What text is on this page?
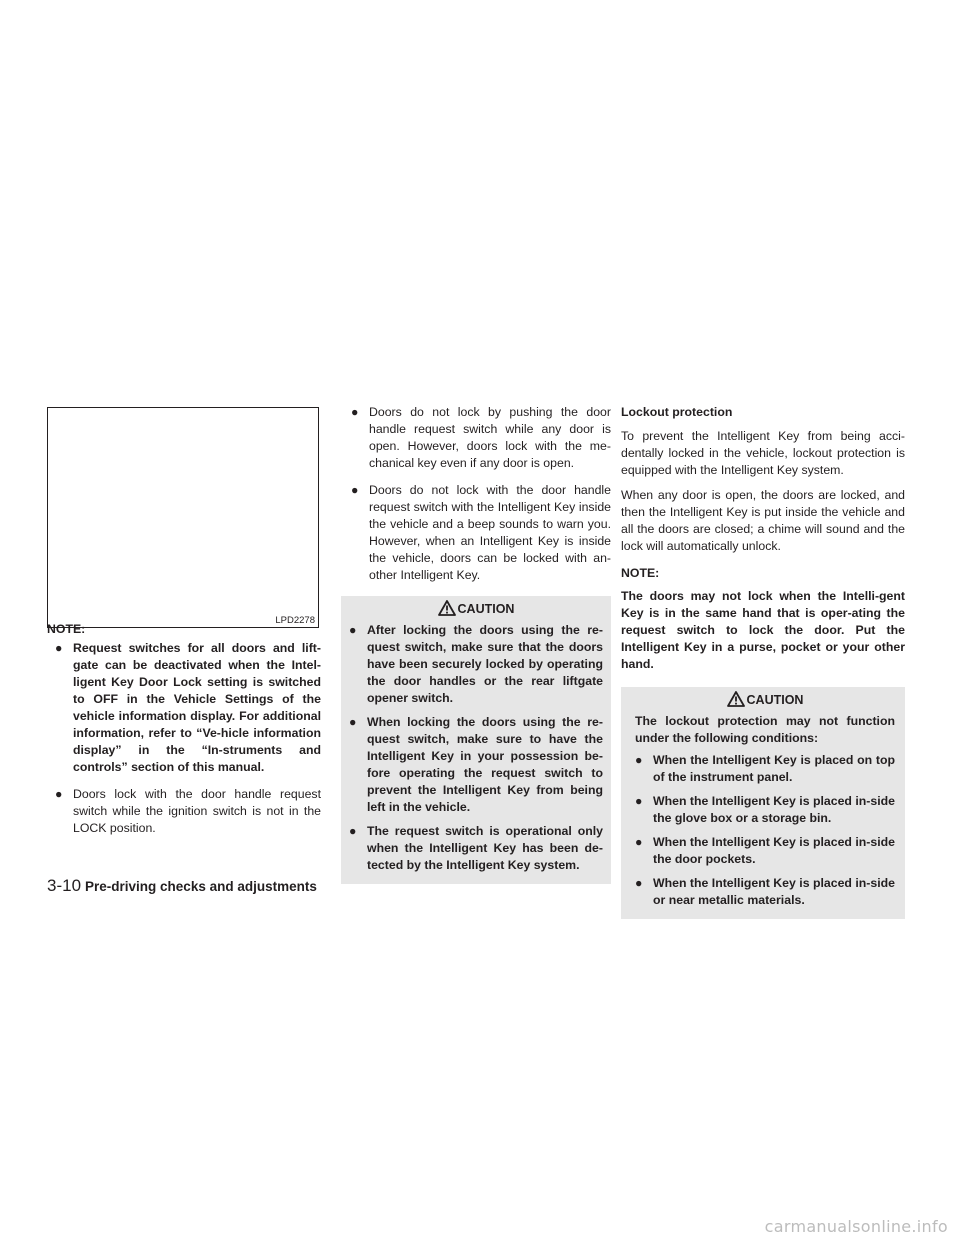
LPD2278

NOTE:

● Request switches for all doors and lift-gate can be deactivated when the Intel-ligent Key Door Lock setting is switched to OFF in the Vehicle Settings of the vehicle information display. For additional information, refer to “Ve-hicle information display” in the “In-struments and controls” section of this manual.
● Doors lock with the door handle request switch while the ignition switch is not in the LOCK position.
● Doors do not lock by pushing the door handle request switch while any door is open. However, doors lock with the me-chanical key even if any door is open.
● Doors do not lock with the door handle request switch with the Intelligent Key inside the vehicle and a beep sounds to warn you. However, when an Intelligent Key is inside the vehicle, doors can be locked with an-other Intelligent Key.
CAUTION
● After locking the doors using the re-quest switch, make sure that the doors have been securely locked by operating the door handles or the rear liftgate opener switch.
● When locking the doors using the re-quest switch, make sure to have the Intelligent Key in your possession be-fore operating the request switch to prevent the Intelligent Key from being left in the vehicle.
● The request switch is operational only when the Intelligent Key has been de-tected by the Intelligent Key system.

Lockout protection

To prevent the Intelligent Key from being acci-dentally locked in the vehicle, lockout protection is equipped with the Intelligent Key system.

When any door is open, the doors are locked, and then the Intelligent Key is put inside the vehicle and all the doors are closed; a chime will sound and the lock will automatically unlock.

NOTE:

The doors may not lock when the Intelli-gent Key is in the same hand that is oper-ating the request switch to lock the door. Put the Intelligent Key in a purse, pocket or your other hand.

CAUTION

The lockout protection may not function under the following conditions:

● When the Intelligent Key is placed on top of the instrument panel.
● When the Intelligent Key is placed in-side the glove box or a storage bin.
● When the Intelligent Key is placed in-side the door pockets.
● When the Intelligent Key is placed in-side or near metallic materials.
3-10 Pre-driving checks and adjustments
carmanualsonline.info
